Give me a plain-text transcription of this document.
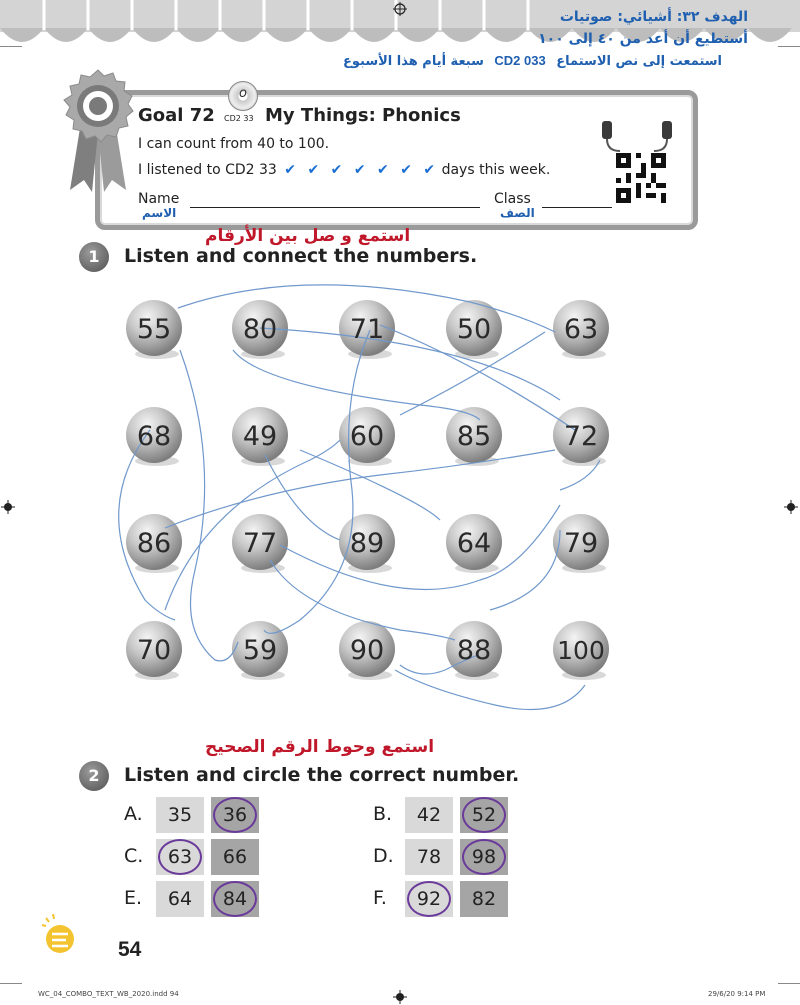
الهدف ٣٢: أشيائي: صوتيات
أستطيع أن أعد من ٤٠ إلى ١٠٠
سبعة أيام هذا الأسبوع CD2 033 استمعت إلى نص الاستماع
Goal 72
o
CD2 33 My Things: Phonics
I can count from 40 to 100.
I listened to CD2 33 ✔ ✔ ✔ ✔ ✔ ✔ ✔ days this week.
Name
الاسم
Class
الصف
استمع و صل بين الأرقام
1	Listen and connect the numbers.
55	80	71	50	63
68	49	60	85	72
86	77	89	64	79
70	59	90	88	100
استمع وحوط الرقم الصحيح
2	Listen and circle the correct number.
A.	35	36	B.	42	52
C.	63	66	D.	78	98
E.	64	84	F.	92	82
54
WC_04_COMBO_TEXT_WB_2020.indd 94	29/6/20 9:14 PM
